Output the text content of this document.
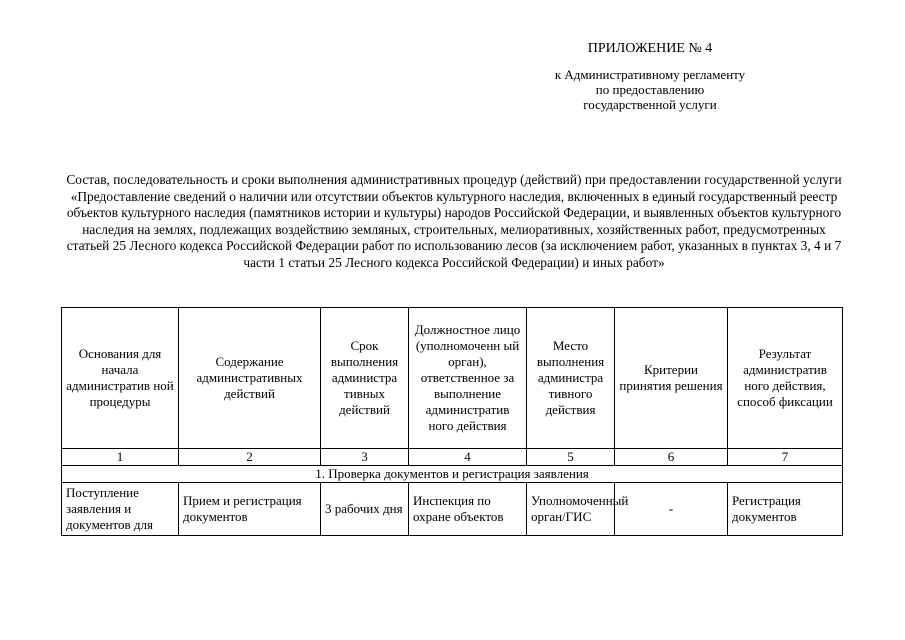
ПРИЛОЖЕНИЕ № 4
к Административному регламенту
по предоставлению
государственной услуги
Состав, последовательность и сроки выполнения административных процедур (действий) при предоставлении государственной услуги «Предоставление сведений о наличии или отсутствии объектов культурного наследия, включенных в единый государственный реестр объектов культурного наследия (памятников истории и культуры) народов Российской Федерации, и выявленных объектов культурного наследия на землях, подлежащих воздействию земляных, строительных, мелиоративных, хозяйственных работ, предусмотренных статьей 25 Лесного кодекса Российской Федерации работ по использованию лесов (за исключением работ, указанных в пунктах 3, 4 и 7 части 1 статьи 25 Лесного кодекса Российской Федерации) и иных работ»
Основания для начала административ ной процедуры	Содержание административных действий	Срок выполнения администра тивных действий	Должностное лицо (уполномоченн ый орган), ответственное за выполнение административ ного действия	Место выполнения администра тивного действия	Критерии принятия решения	Результат административ ного действия, способ фиксации
1	2	3	4	5	6	7
1. Проверка документов и регистрация заявления						

Поступление заявления и документов для	Прием и регистрация документов	3 рабочих дня	Инспекция по охране объектов	Уполномоченный орган/ГИС	-	Регистрация документов
